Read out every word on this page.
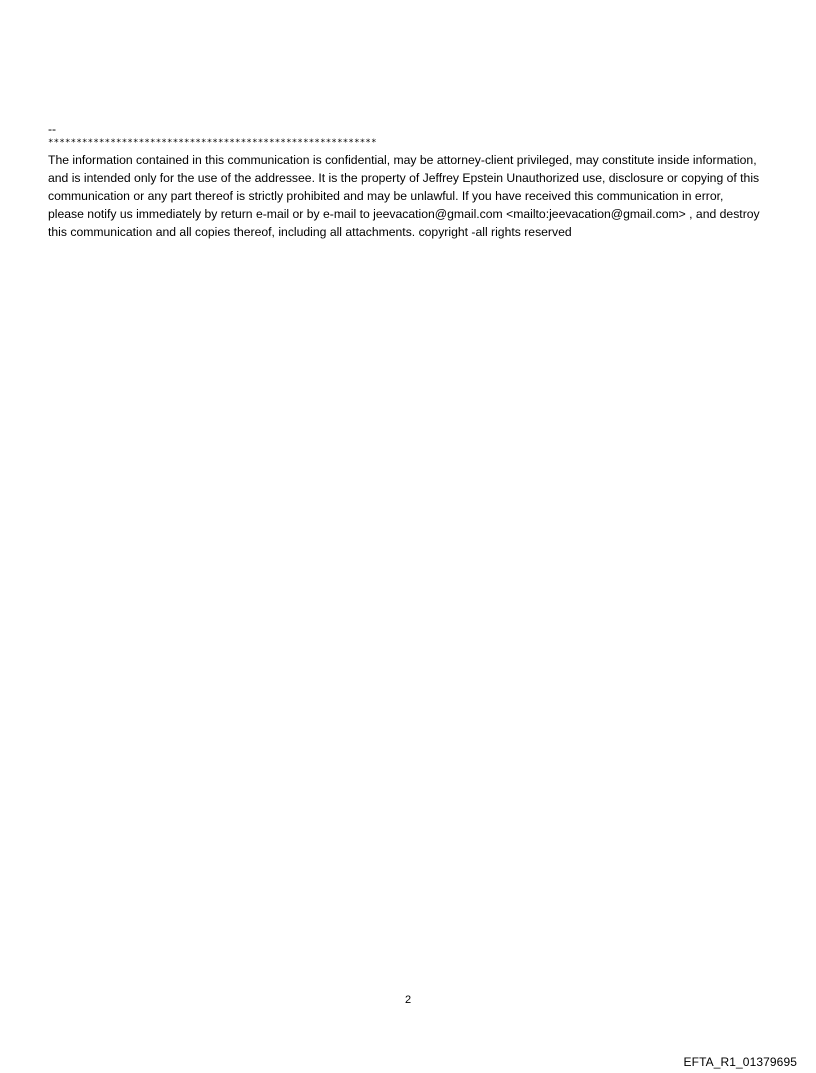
--
**********************************************************

The information contained in this communication is confidential, may be attorney-client privileged, may constitute inside information, and is intended only for the use of the addressee. It is the property of Jeffrey Epstein Unauthorized use, disclosure or copying of this communication or any part thereof is strictly prohibited and may be unlawful. If you have received this communication in error, please notify us immediately by return e-mail or by e-mail to jeevacation@gmail.com <mailto:jeevacation@gmail.com> , and destroy this communication and all copies thereof, including all attachments. copyright -all rights reserved

2
EFTA_R1_01379695
